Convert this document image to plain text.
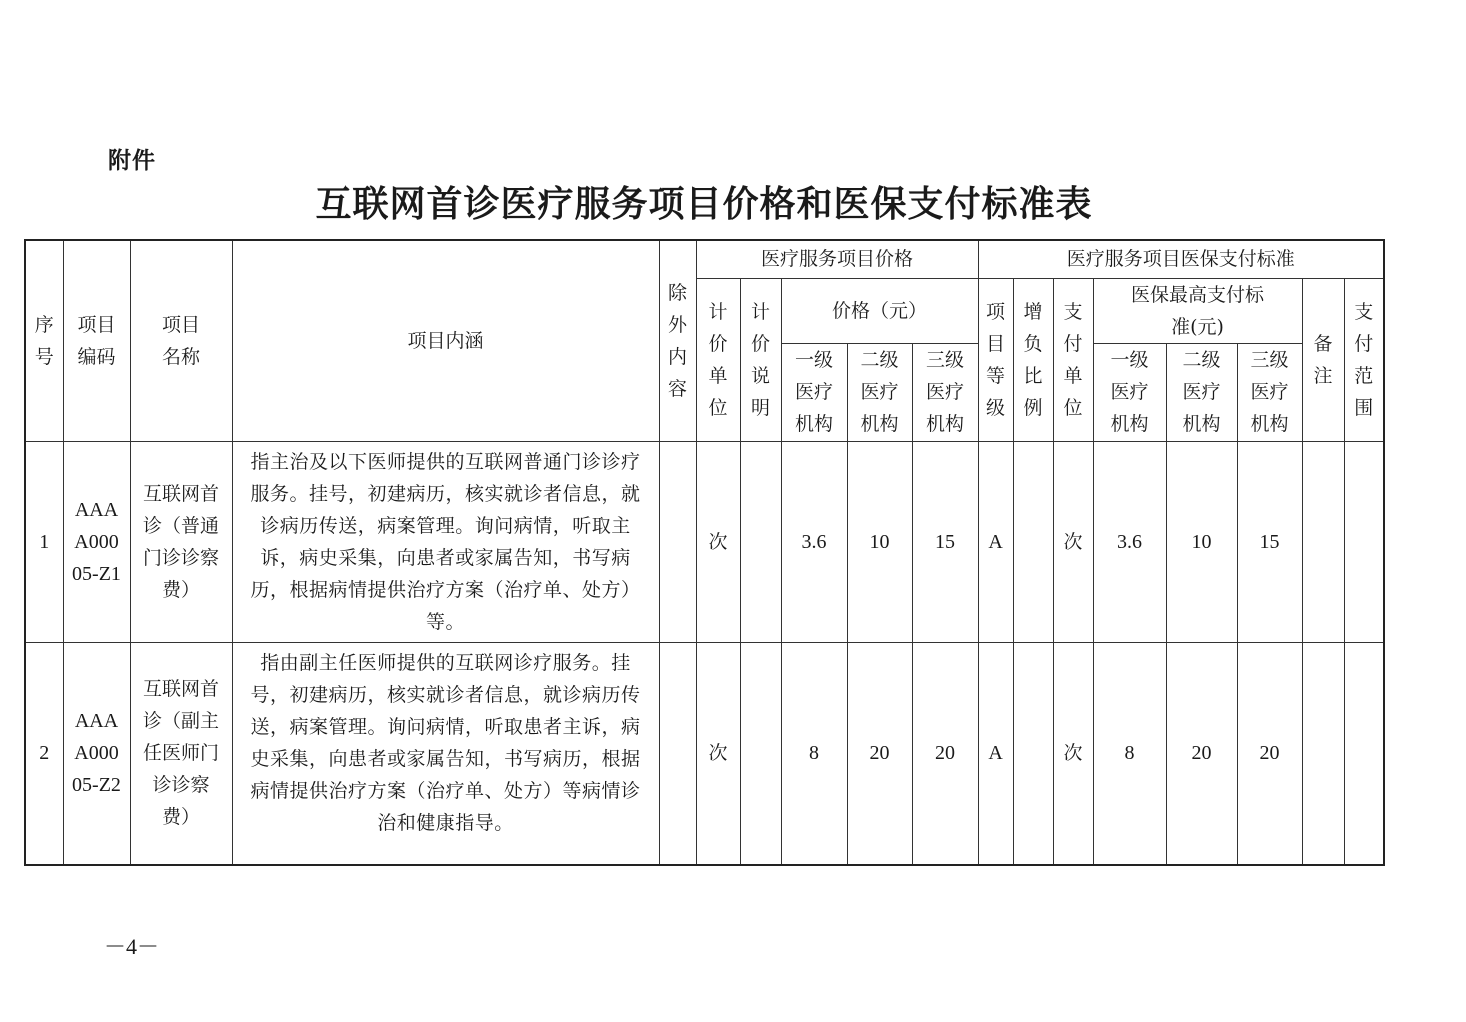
附件
互联网首诊医疗服务项目价格和医保支付标准表
序号	项目编码	项目名称	项目内涵	除外内容	医疗服务项目价格					医疗服务项目医保支付标准							

					计价单位	计价说明	价格（元）			项目等级	增负比例	支付单位	医保最高支付标准(元)			备注	支付范围

							一级医疗机构	二级医疗机构	三级医疗机构				一级医疗机构	二级医疗机构	三级医疗机构		

1	AAAA00005-Z1	互联网首诊（普通门诊诊察费）	指主治及以下医师提供的互联网普通门诊诊疗服务。挂号，初建病历，核实就诊者信息，就诊病历传送，病案管理。询问病情，听取主诉，病史采集，向患者或家属告知，书写病历，根据病情提供治疗方案（治疗单、处方）等。		次		3.6	10	15	A		次	3.6	10	15		
2	AAAA00005-Z2	互联网首诊（副主任医师门诊诊察费）	指由副主任医师提供的互联网诊疗服务。挂号，初建病历，核实就诊者信息，就诊病历传送，病案管理。询问病情，听取患者主诉，病史采集，向患者或家属告知，书写病历，根据病情提供治疗方案（治疗单、处方）等病情诊治和健康指导。		次		8	20	20	A		次	8	20	20		
－4－
